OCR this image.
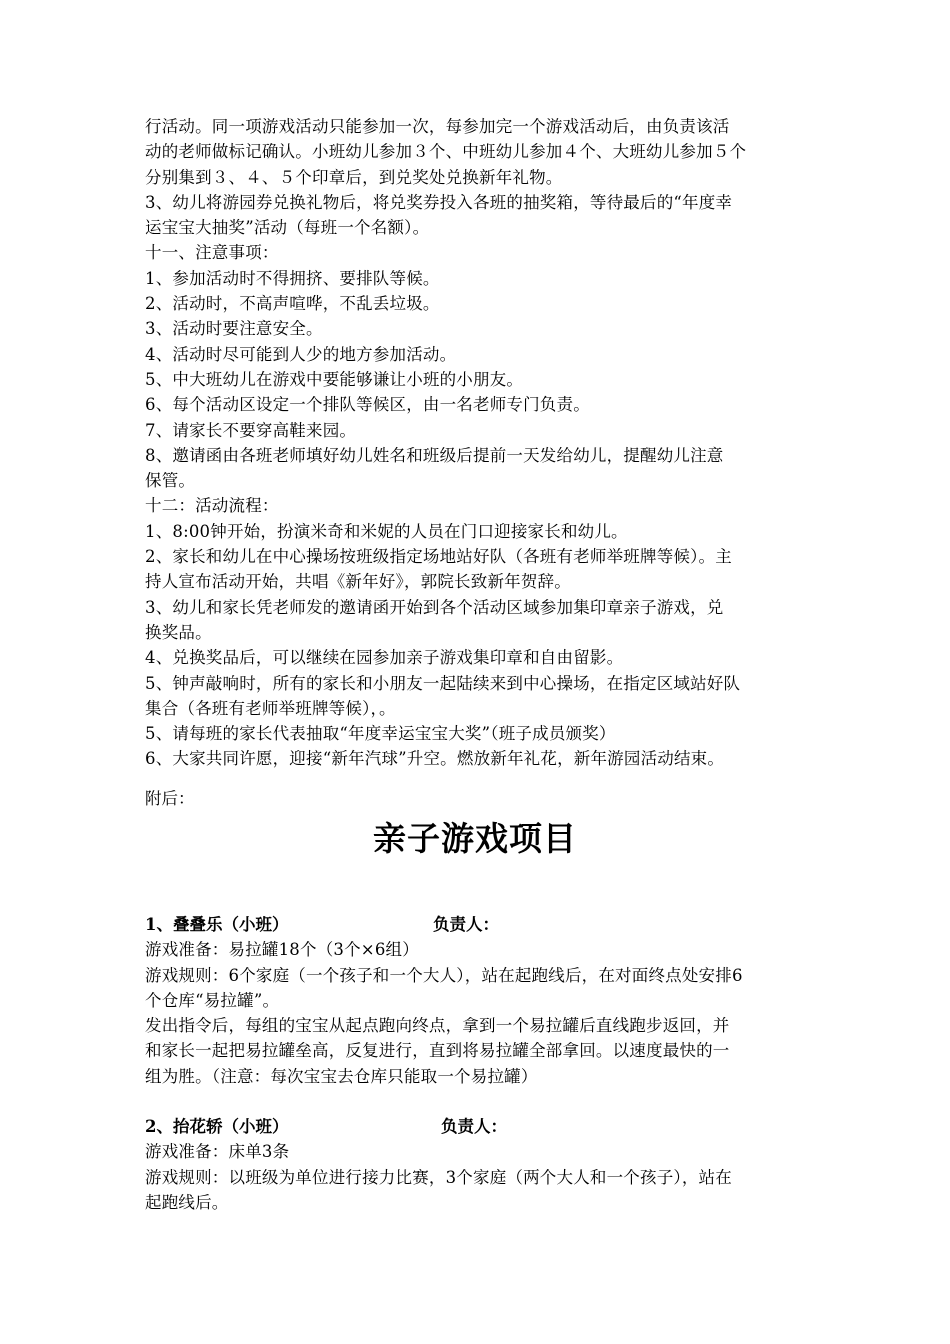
行活动。同一项游戏活动只能参加一次，每参加完一个游戏活动后，由负责该活
动的老师做标记确认。小班幼儿参加３个、中班幼儿参加４个、大班幼儿参加５个
分别集到３、４、５个印章后，到兑奖处兑换新年礼物。
3、幼儿将游园券兑换礼物后，将兑奖券投入各班的抽奖箱，等待最后的“年度幸
运宝宝大抽奖”活动（每班一个名额）。
十一、注意事项：
1、参加活动时不得拥挤、要排队等候。
2、活动时，不高声喧哗，不乱丢垃圾。
3、活动时要注意安全。
4、活动时尽可能到人少的地方参加活动。
5、中大班幼儿在游戏中要能够谦让小班的小朋友。
6、每个活动区设定一个排队等候区，由一名老师专门负责。
7、请家长不要穿高鞋来园。
8、邀请函由各班老师填好幼儿姓名和班级后提前一天发给幼儿，提醒幼儿注意
保管。
十二：活动流程：
1、8:00钟开始，扮演米奇和米妮的人员在门口迎接家长和幼儿。
2、家长和幼儿在中心操场按班级指定场地站好队（各班有老师举班牌等候）。主
持人宣布活动开始，共唱《新年好》，郭院长致新年贺辞。
3、幼儿和家长凭老师发的邀请函开始到各个活动区域参加集印章亲子游戏，兑
换奖品。
4、兑换奖品后，可以继续在园参加亲子游戏集印章和自由留影。
5、钟声敲响时，所有的家长和小朋友一起陆续来到中心操场，在指定区域站好队
集合（各班有老师举班牌等候），。
5、请每班的家长代表抽取“年度幸运宝宝大奖”（班子成员颁奖）
6、大家共同许愿，迎接“新年汽球”升空。燃放新年礼花，新年游园活动结束。
附后：
亲子游戏项目
1、叠叠乐（小班）	负责人：
游戏准备：易拉罐18个（3个×6组）
游戏规则：6个家庭（一个孩子和一个大人），站在起跑线后，在对面终点处安排6
个仓库“易拉罐”。
发出指令后，每组的宝宝从起点跑向终点，拿到一个易拉罐后直线跑步返回，并
和家长一起把易拉罐垒高，反复进行，直到将易拉罐全部拿回。以速度最快的一
组为胜。（注意：每次宝宝去仓库只能取一个易拉罐）
2、抬花轿（小班）	负责人：
游戏准备：床单3条
游戏规则：以班级为单位进行接力比赛，3个家庭（两个大人和一个孩子），站在
起跑线后。
